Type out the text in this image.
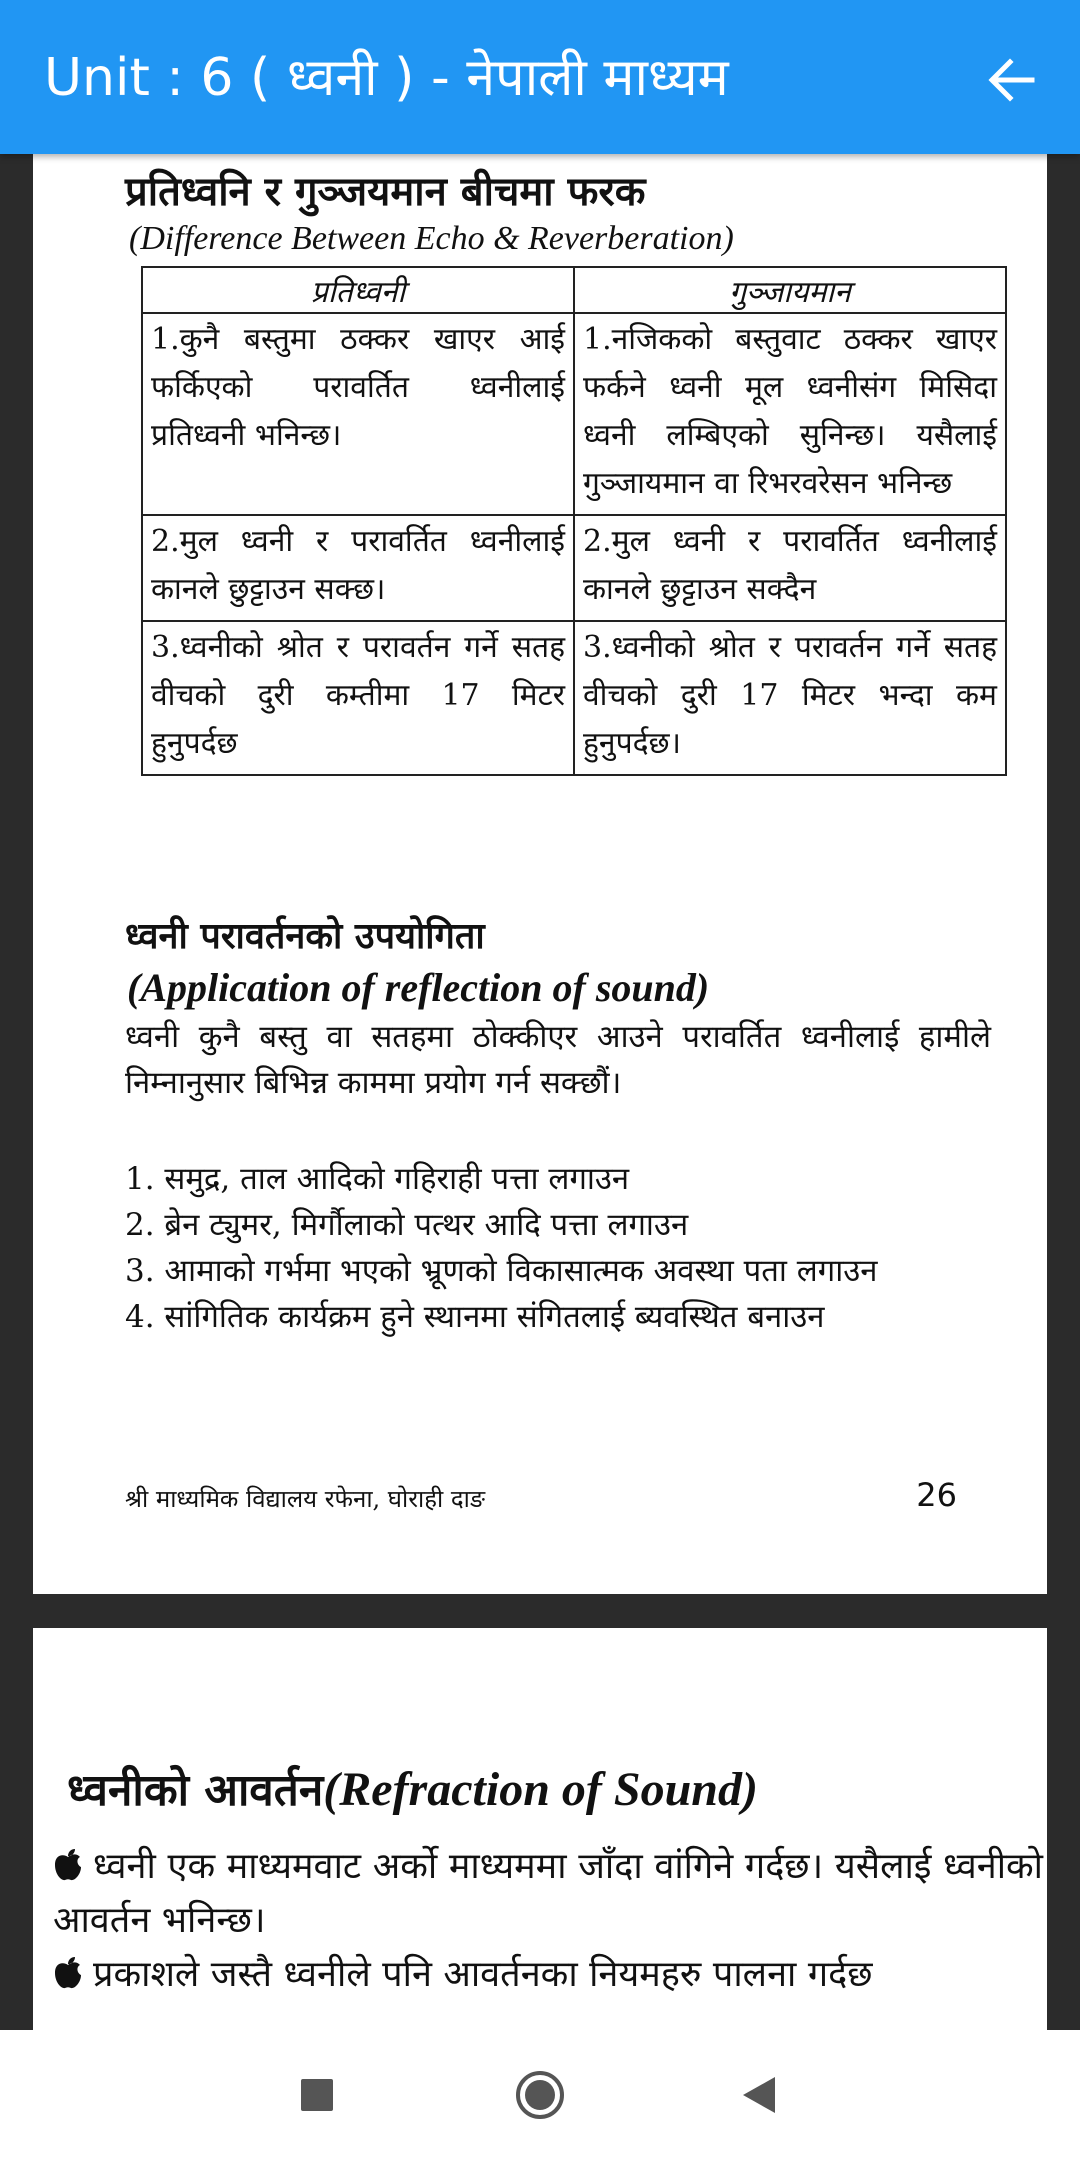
Unit : 6 ( ध्वनी ) - नेपाली माध्यम
प्रतिध्वनि र गुञ्जयमान बीचमा फरक
(Difference Between Echo & Reverberation)
प्रतिध्वनी	गुञ्जायमान
1.कुनै बस्तुमा ठक्कर खाएर आई फर्किएको परावर्तित ध्वनीलाई प्रतिध्वनी भनिन्छ।	1.नजिकको बस्तुवाट ठक्कर खाएर फर्कने ध्वनी मूल ध्वनीसंग मिसिदा ध्वनी लम्बिएको सुनिन्छ। यसैलाई गुञ्जायमान वा रिभरवरेसन भनिन्छ
2.मुल ध्वनी र परावर्तित ध्वनीलाई कानले छुट्टाउन सक्छ।	2.मुल ध्वनी र परावर्तित ध्वनीलाई कानले छुट्टाउन सक्दैन
3.ध्वनीको श्रोत र परावर्तन गर्ने सतह वीचको दुरी कम्तीमा 17 मिटर हुनुपर्दछ	3.ध्वनीको श्रोत र परावर्तन गर्ने सतह वीचको दुरी 17 मिटर भन्दा कम हुनुपर्दछ।
ध्वनी परावर्तनको उपयोगिता
(Application of reflection of sound)
ध्वनी कुनै बस्तु वा सतहमा ठोक्कीएर आउने परावर्तित ध्वनीलाई हामीले निम्नानुसार बिभिन्न काममा प्रयोग गर्न सक्छौं।
1. समुद्र, ताल आदिको गहिराही पत्ता लगाउन
2. ब्रेन ट्युमर, मिर्गौलाको पत्थर आदि पत्ता लगाउन
3. आमाको गर्भमा भएको भ्रूणको विकासात्मक अवस्था पता लगाउन
4. सांगितिक कार्यक्रम हुने स्थानमा संगितलाई ब्यवस्थित बनाउन
श्री माध्यमिक विद्यालय रफेना, घोराही दाङ	26
ध्वनीको आवर्तन(Refraction of Sound)
ध्वनी एक माध्यमवाट अर्को माध्यममा जाँदा वांगिने गर्दछ। यसैलाई ध्वनीको आवर्तन भनिन्छ।
प्रकाशले जस्तै ध्वनीले पनि आवर्तनका नियमहरु पालना गर्दछ
